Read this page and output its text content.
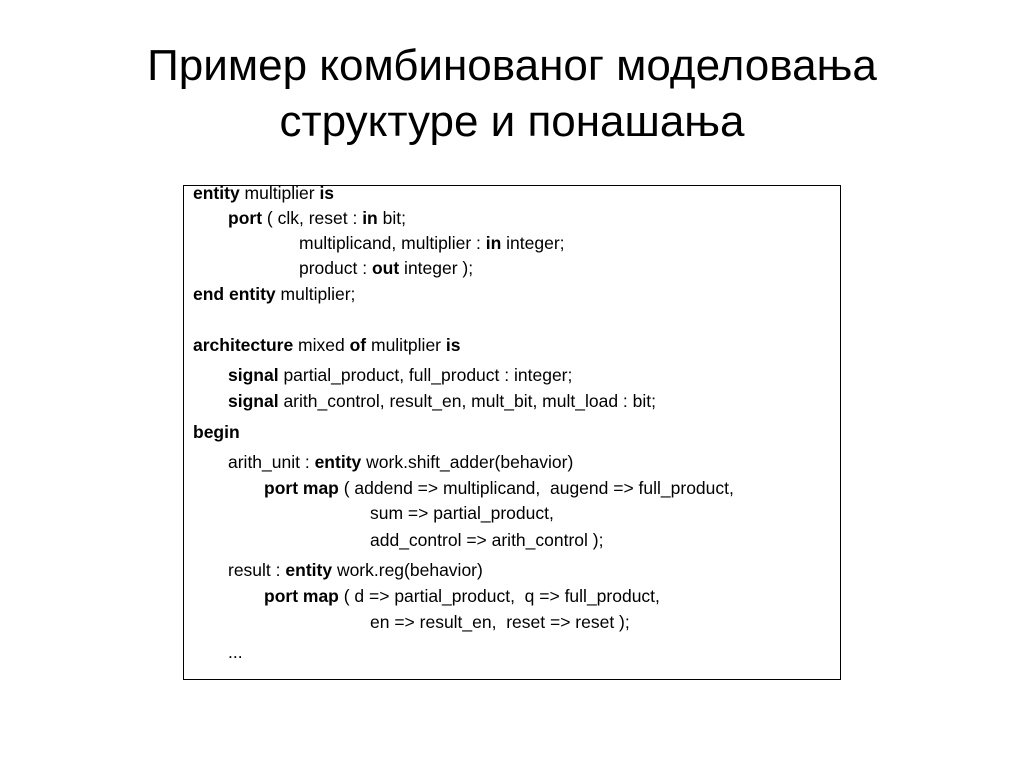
Пример комбинованог моделовања
структуре и понашања
entity multiplier is
port ( clk, reset : in bit;
multiplicand, multiplier : in integer;
product : out integer );
end entity multiplier;
architecture mixed of mulitplier is
signal partial_product, full_product : integer;
signal arith_control, result_en, mult_bit, mult_load : bit;
begin
arith_unit : entity work.shift_adder(behavior)
port map ( addend => multiplicand,  augend => full_product,
sum => partial_product,
add_control => arith_control );
result : entity work.reg(behavior)
port map ( d => partial_product,  q => full_product,
en => result_en,  reset => reset );
...
